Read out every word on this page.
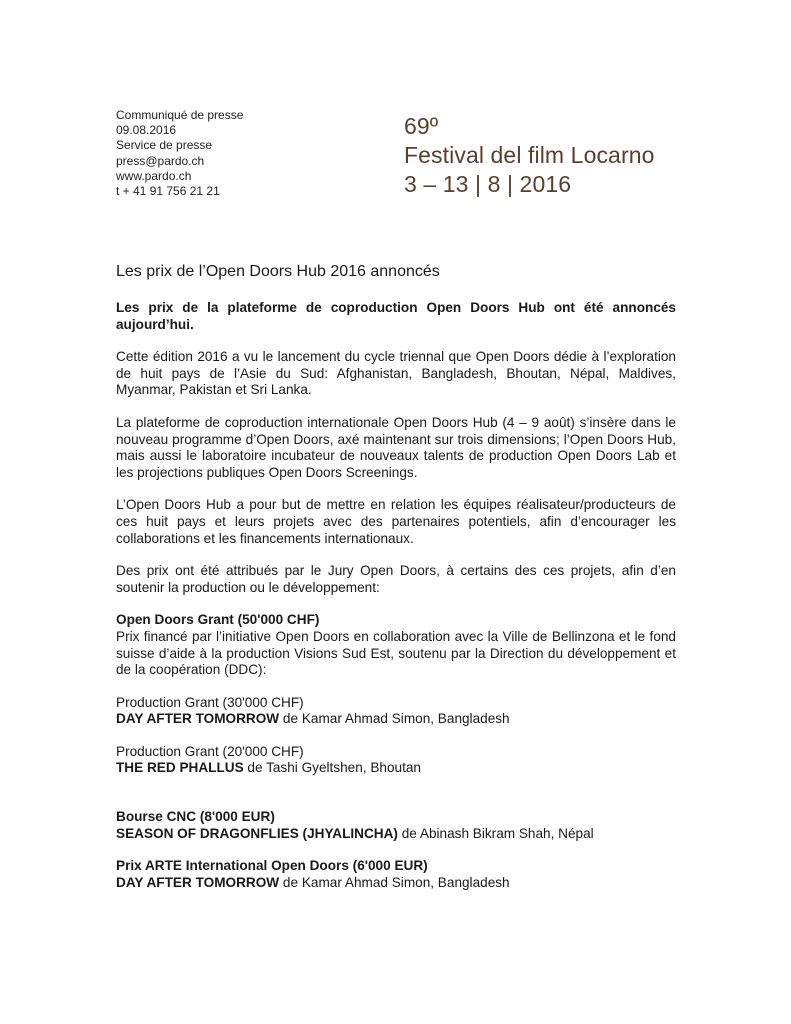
Communiqué de presse
09.08.2016
Service de presse
press@pardo.ch
www.pardo.ch
t + 41 91 756 21 21
69º
Festival del film Locarno
3 – 13 | 8 | 2016
Les prix de l’Open Doors Hub 2016 annoncés

Les prix de la plateforme de coproduction Open Doors Hub ont été annoncés aujourd’hui.

Cette édition 2016 a vu le lancement du cycle triennal que Open Doors dédie à l’exploration de huit pays de l’Asie du Sud: Afghanistan, Bangladesh, Bhoutan, Népal, Maldives, Myanmar, Pakistan et Sri Lanka.

La plateforme de coproduction internationale Open Doors Hub (4 – 9 août) s’insère dans le nouveau programme d’Open Doors, axé maintenant sur trois dimensions; l’Open Doors Hub, mais aussi le laboratoire incubateur de nouveaux talents de production Open Doors Lab et les projections publiques Open Doors Screenings.

L’Open Doors Hub a pour but de mettre en relation les équipes réalisateur/producteurs de ces huit pays et leurs projets avec des partenaires potentiels, afin d’encourager les collaborations et les financements internationaux.

Des prix ont été attribués par le Jury Open Doors, à certains des ces projets, afin d’en soutenir la production ou le développement:

Open Doors Grant (50'000 CHF)

Prix financé par l’initiative Open Doors en collaboration avec la Ville de Bellinzona et le fond suisse d’aide à la production Visions Sud Est, soutenu par la Direction du développement et de la coopération (DDC):

Production Grant (30'000 CHF)
DAY AFTER TOMORROW de Kamar Ahmad Simon, Bangladesh
Production Grant (20'000 CHF)
THE RED PHALLUS de Tashi Gyeltshen, Bhoutan
Bourse CNC (8'000 EUR)
SEASON OF DRAGONFLIES (JHYALINCHA) de Abinash Bikram Shah, Népal
Prix ARTE International Open Doors (6'000 EUR)
DAY AFTER TOMORROW de Kamar Ahmad Simon, Bangladesh
